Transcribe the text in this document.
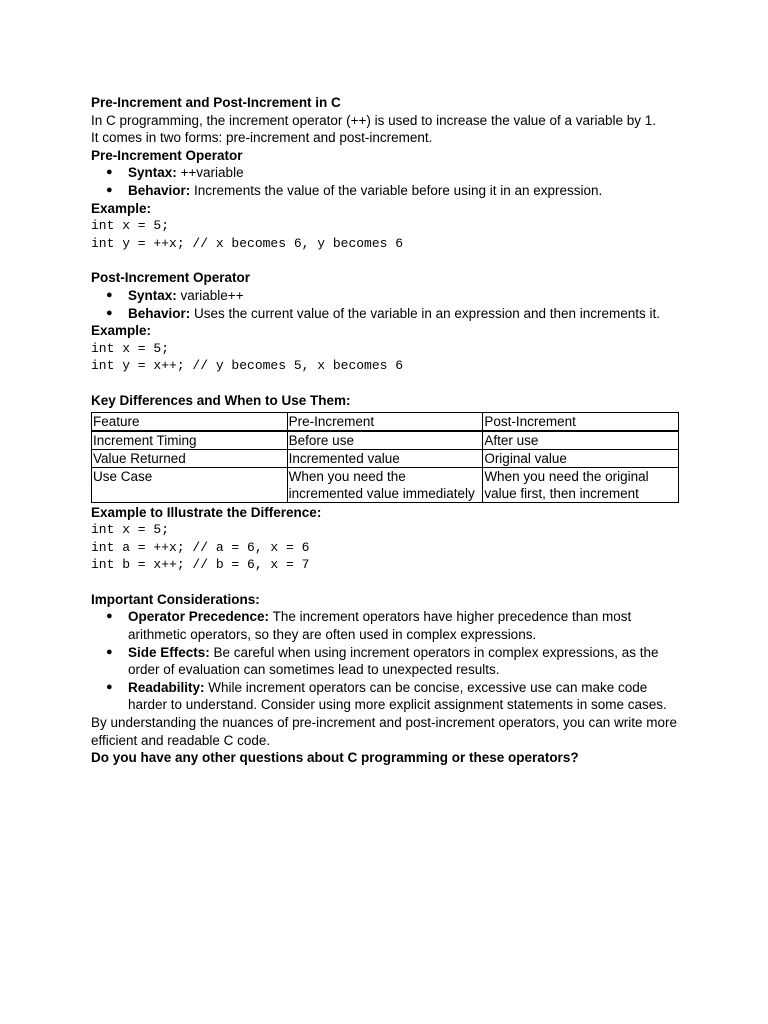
Pre-Increment and Post-Increment in C

In C programming, the increment operator (++) is used to increase the value of a variable by 1.

It comes in two forms: pre-increment and post-increment.

Pre-Increment Operator

● Syntax: ++variable
● Behavior: Increments the value of the variable before using it in an expression.

Example:

int x = 5;

int y = ++x; // x becomes 6, y becomes 6

Post-Increment Operator

● Syntax: variable++
● Behavior: Uses the current value of the variable in an expression and then increments it.

Example:

int x = 5;

int y = x++; // y becomes 5, x becomes 6

Key Differences and When to Use Them:

Feature	Pre-Increment	Post-Increment
Increment Timing	Before use	After use
Value Returned	Incremented value	Original value
Use Case	When you need the incremented value immediately	When you need the original value first, then increment

Example to Illustrate the Difference:

int x = 5;

int a = ++x; // a = 6, x = 6

int b = x++; // b = 6, x = 7

Important Considerations:

● Operator Precedence: The increment operators have higher precedence than most arithmetic operators, so they are often used in complex expressions.
● Side Effects: Be careful when using increment operators in complex expressions, as the order of evaluation can sometimes lead to unexpected results.
● Readability: While increment operators can be concise, excessive use can make code harder to understand. Consider using more explicit assignment statements in some cases.

By understanding the nuances of pre-increment and post-increment operators, you can write more efficient and readable C code.

Do you have any other questions about C programming or these operators?
